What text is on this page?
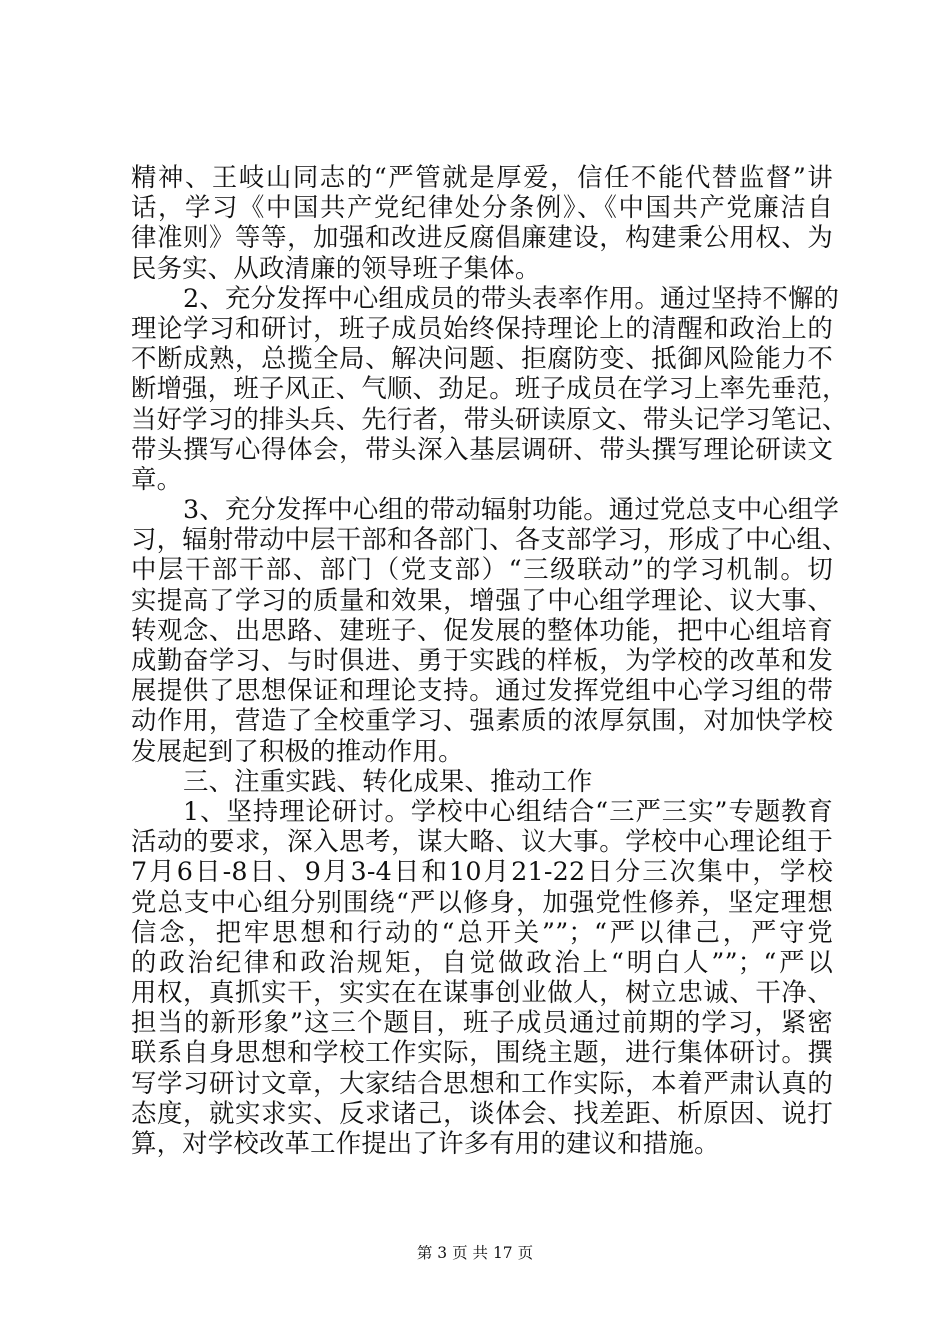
精神、王岐山同志的“严管就是厚爱，信任不能代替监督”讲
话，学习《中国共产党纪律处分条例》、《中国共产党廉洁自
律准则》等等，加强和改进反腐倡廉建设，构建秉公用权、为
民务实、从政清廉的领导班子集体。
2、充分发挥中心组成员的带头表率作用。通过坚持不懈的
理论学习和研讨，班子成员始终保持理论上的清醒和政治上的
不断成熟，总揽全局、解决问题、拒腐防变、抵御风险能力不
断增强，班子风正、气顺、劲足。班子成员在学习上率先垂范，
当好学习的排头兵、先行者，带头研读原文、带头记学习笔记、
带头撰写心得体会，带头深入基层调研、带头撰写理论研读文
章。
3、充分发挥中心组的带动辐射功能。通过党总支中心组学
习，辐射带动中层干部和各部门、各支部学习，形成了中心组、
中层干部干部、部门（党支部）“三级联动”的学习机制。切
实提高了学习的质量和效果，增强了中心组学理论、议大事、
转观念、出思路、建班子、促发展的整体功能，把中心组培育
成勤奋学习、与时俱进、勇于实践的样板，为学校的改革和发
展提供了思想保证和理论支持。通过发挥党组中心学习组的带
动作用，营造了全校重学习、强素质的浓厚氛围，对加快学校
发展起到了积极的推动作用。
三、注重实践、转化成果、推动工作
1、坚持理论研讨。学校中心组结合“三严三实”专题教育
活动的要求，深入思考，谋大略、议大事。学校中心理论组于
7月6日-8日、9月3-4日和10月21-22日分三次集中，学校
党总支中心组分别围绕“严以修身，加强党性修养，坚定理想
信念，把牢思想和行动的“总开关””；“严以律己，严守党
的政治纪律和政治规矩，自觉做政治上“明白人””；“严以
用权，真抓实干，实实在在谋事创业做人，树立忠诚、干净、
担当的新形象”这三个题目，班子成员通过前期的学习，紧密
联系自身思想和学校工作实际，围绕主题，进行集体研讨。撰
写学习研讨文章，大家结合思想和工作实际，本着严肃认真的
态度，就实求实、反求诸己，谈体会、找差距、析原因、说打
算，对学校改革工作提出了许多有用的建议和措施。
第 3 页 共 17 页
